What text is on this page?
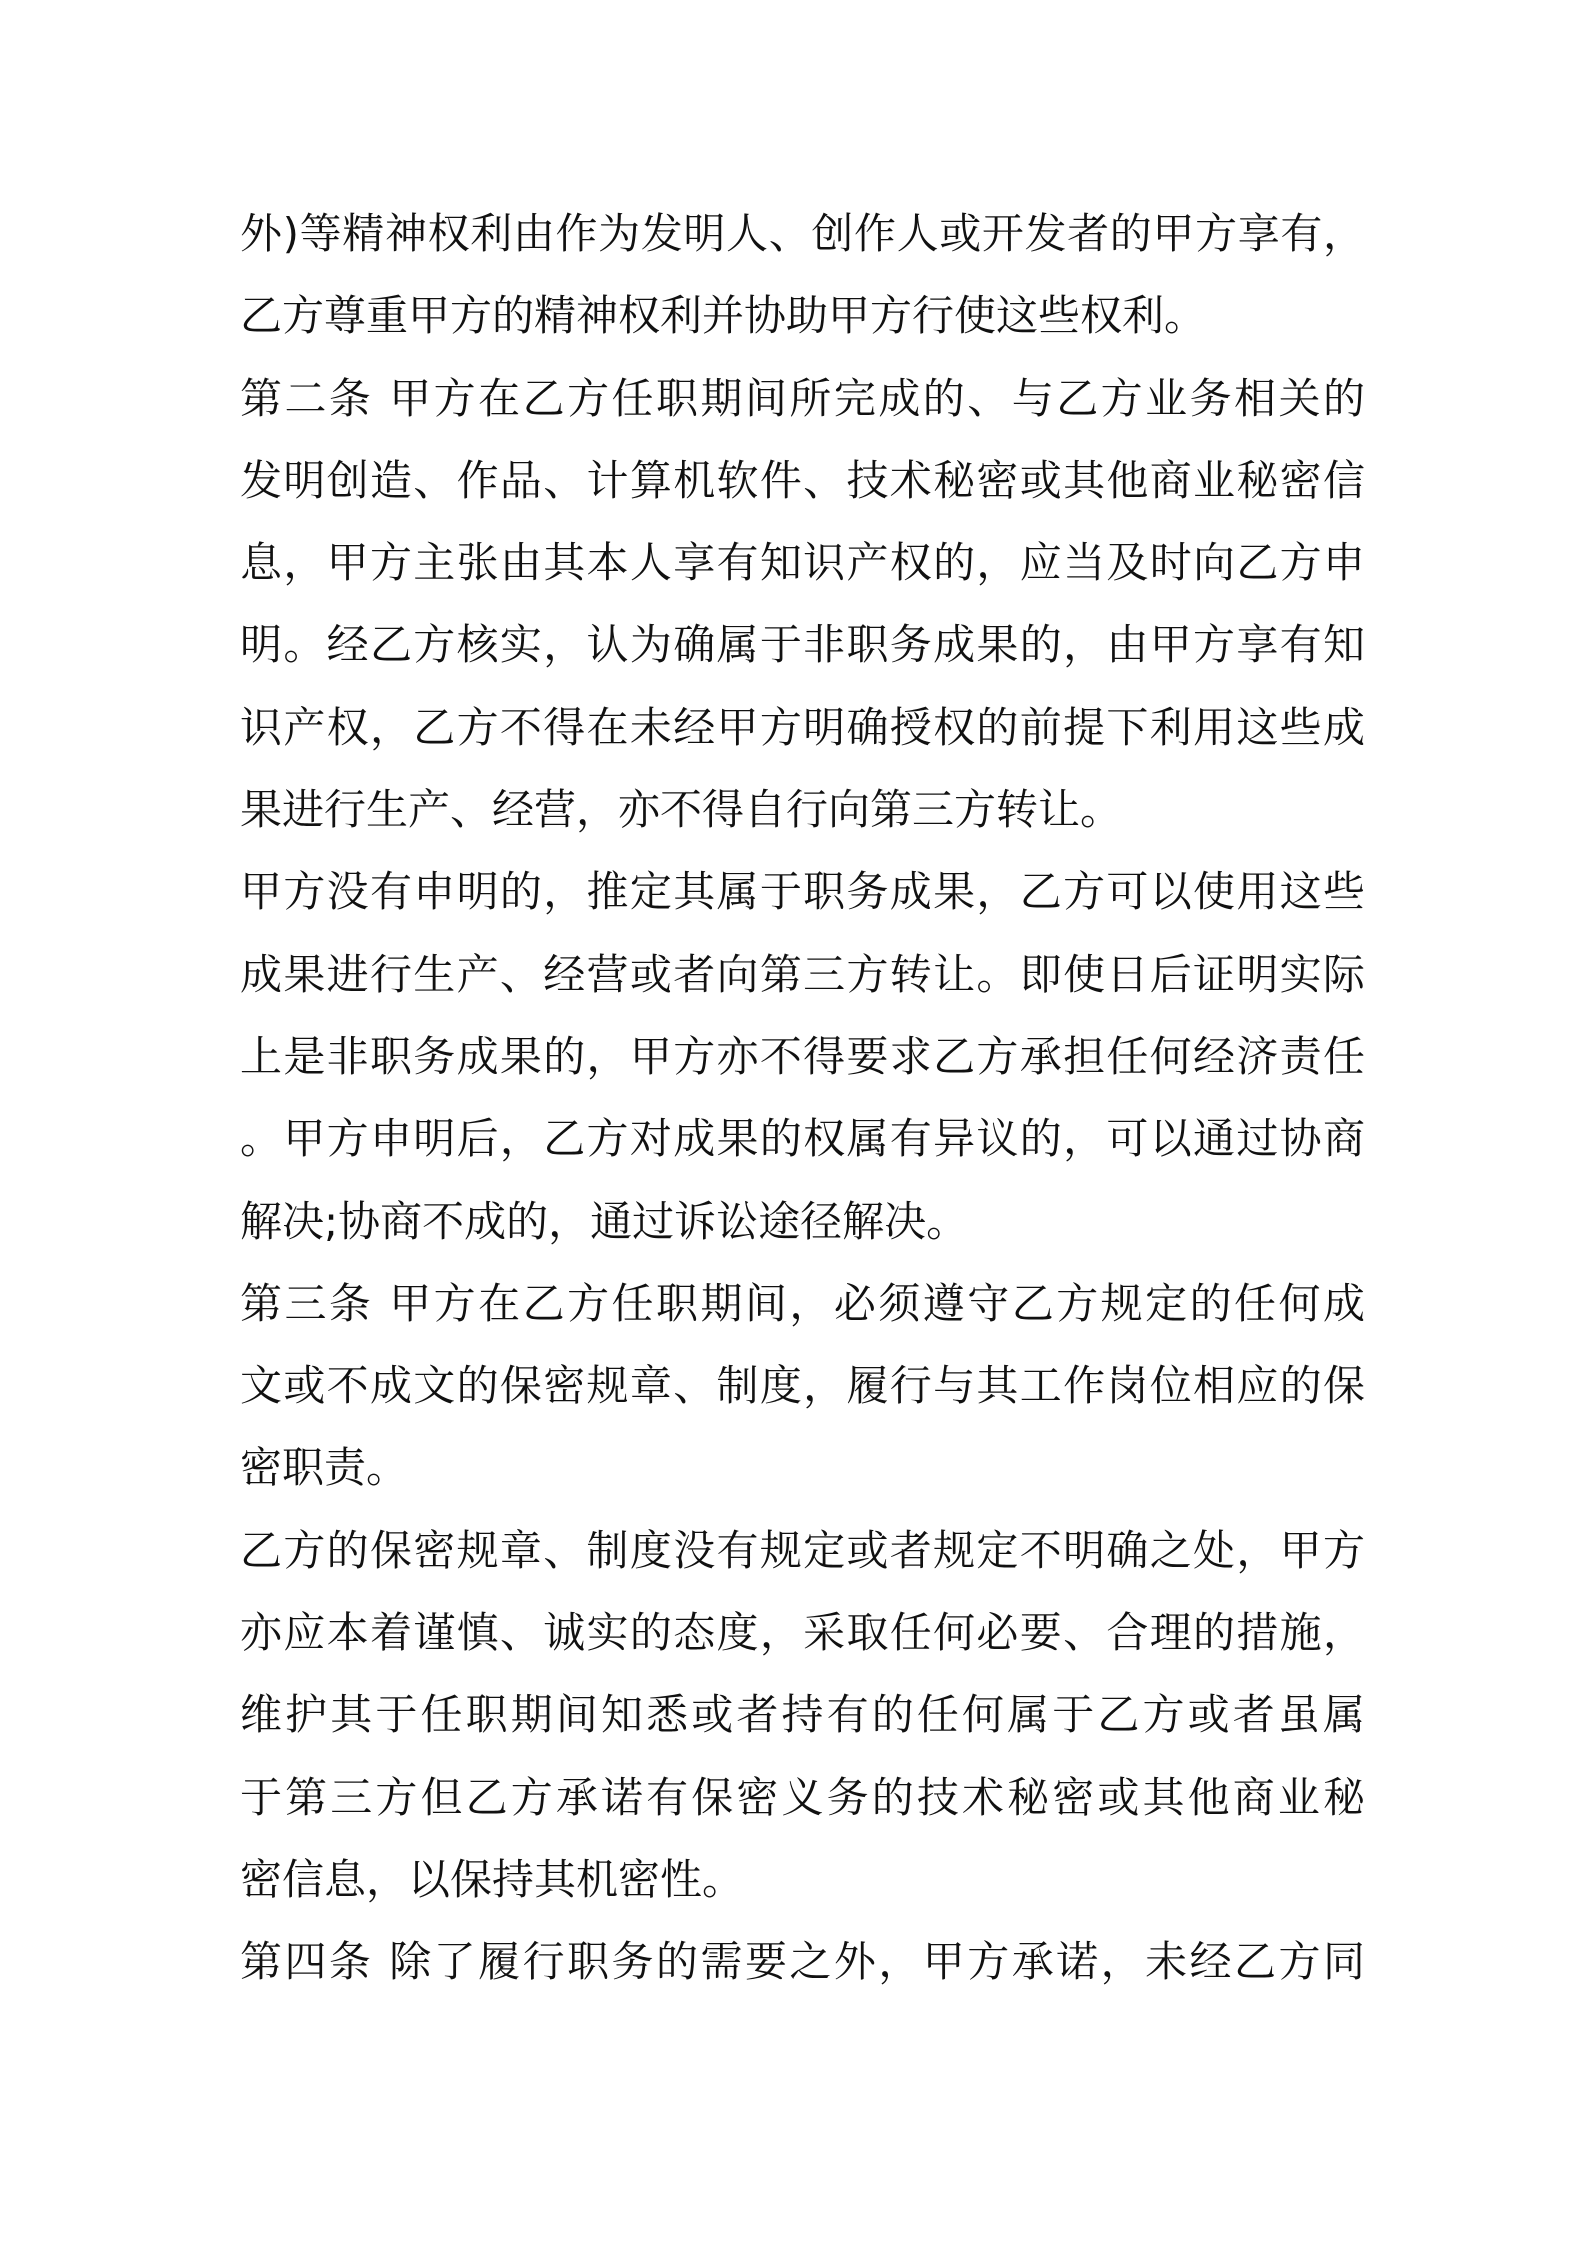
外)等精神权利由作为发明人、创作人或开发者的甲方享有，
乙方尊重甲方的精神权利并协助甲方行使这些权利。
第二条 甲方在乙方任职期间所完成的、与乙方业务相关的
发明创造、作品、计算机软件、技术秘密或其他商业秘密信
息，甲方主张由其本人享有知识产权的，应当及时向乙方申
明。经乙方核实，认为确属于非职务成果的，由甲方享有知
识产权，乙方不得在未经甲方明确授权的前提下利用这些成
果进行生产、经营，亦不得自行向第三方转让。
甲方没有申明的，推定其属于职务成果，乙方可以使用这些
成果进行生产、经营或者向第三方转让。即使日后证明实际
上是非职务成果的，甲方亦不得要求乙方承担任何经济责任
。甲方申明后，乙方对成果的权属有异议的，可以通过协商
解决;协商不成的，通过诉讼途径解决。
第三条 甲方在乙方任职期间，必须遵守乙方规定的任何成
文或不成文的保密规章、制度，履行与其工作岗位相应的保
密职责。
乙方的保密规章、制度没有规定或者规定不明确之处，甲方
亦应本着谨慎、诚实的态度，采取任何必要、合理的措施，
维护其于任职期间知悉或者持有的任何属于乙方或者虽属
于第三方但乙方承诺有保密义务的技术秘密或其他商业秘
密信息，以保持其机密性。
第四条 除了履行职务的需要之外，甲方承诺，未经乙方同
